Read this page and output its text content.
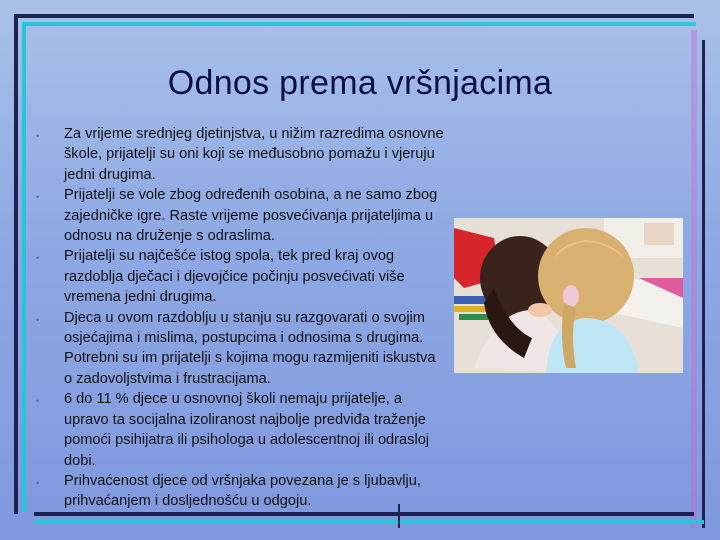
Odnos prema vršnjacima
• Za vrijeme srednjeg djetinjstva, u nižim razredima osnovne škole, prijatelji su oni koji se međusobno pomažu i vjeruju jedni drugima.
• Prijatelji se vole zbog određenih osobina, a ne samo zbog zajedničke igre. Raste vrijeme posvećivanja prijateljima u odnosu na druženje s odraslima.
• Prijatelji su najčešće istog spola, tek pred kraj ovog razdoblja dječaci i djevojčice počinju posvećivati više vremena jedni drugima.
• Djeca u ovom razdoblju u stanju su razgovarati o svojim osjećajima i mislima, postupcima i odnosima s drugima. Potrebni su im prijatelji s kojima mogu razmijeniti iskustva o zadovoljstvima i frustracijama.
• 6 do 11 % djece u osnovnoj školi nemaju prijatelje, a upravo ta socijalna izoliranost najbolje predviđa traženje pomoći psihijatra ili psihologa u adolescentnoj ili odrasloj dobi.
• Prihvaćenost djece od vršnjaka povezana je s ljubavlju, prihvaćanjem i dosljednošću u odgoju.
